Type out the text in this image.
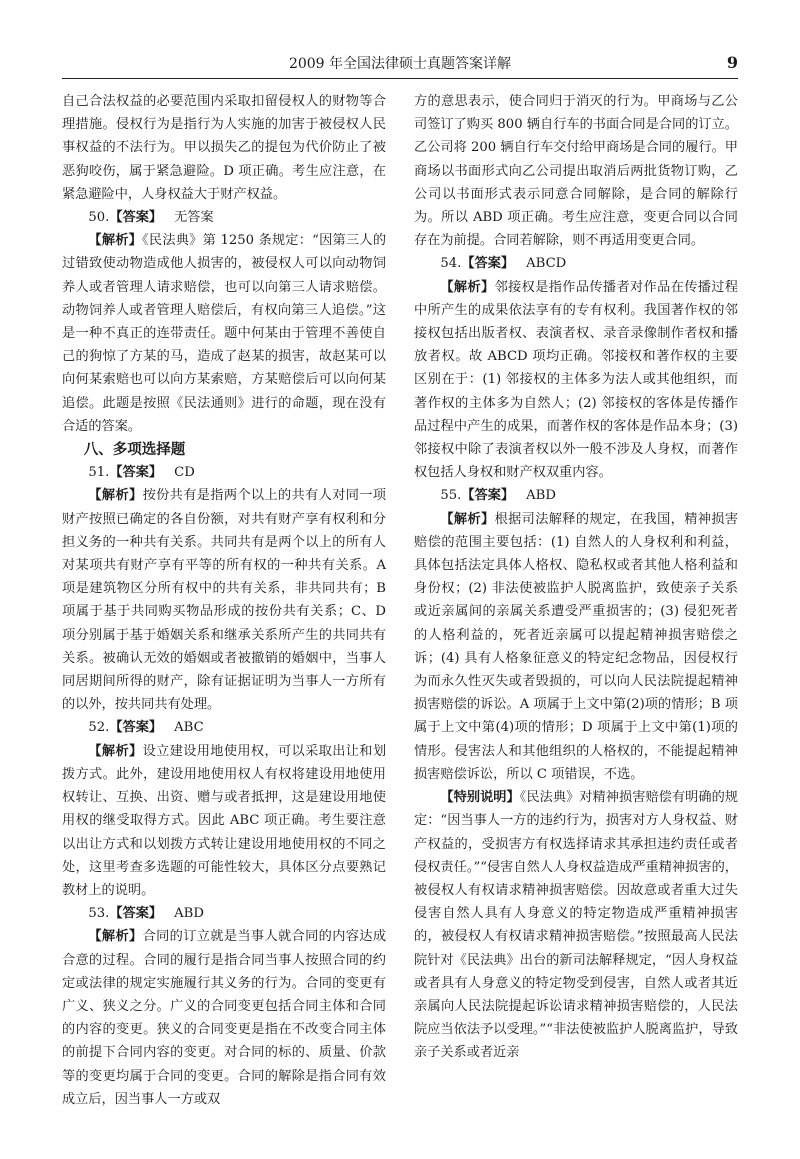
2009 年全国法律硕士真题答案详解	9

自己合法权益的必要范围内采取扣留侵权人的财物等合理措施。侵权行为是指行为人实施的加害于被侵权人民事权益的不法行为。甲以损失乙的提包为代价防止了被恶狗咬伤，属于紧急避险。D 项正确。考生应注意，在紧急避险中，人身权益大于财产权益。

50.【答案】 无答案

【解析】《民法典》第 1250 条规定：“因第三人的过错致使动物造成他人损害的，被侵权人可以向动物饲养人或者管理人请求赔偿，也可以向第三人请求赔偿。动物饲养人或者管理人赔偿后，有权向第三人追偿。”这是一种不真正的连带责任。题中何某由于管理不善使自己的狗惊了方某的马，造成了赵某的损害，故赵某可以向何某索赔也可以向方某索赔，方某赔偿后可以向何某追偿。此题是按照《民法通则》进行的命题，现在没有合适的答案。

八、多项选择题

51.【答案】 CD

【解析】按份共有是指两个以上的共有人对同一项财产按照已确定的各自份额，对共有财产享有权利和分担义务的一种共有关系。共同共有是两个以上的所有人对某项共有财产享有平等的所有权的一种共有关系。A 项是建筑物区分所有权中的共有关系，非共同共有；B 项属于基于共同购买物品形成的按份共有关系；C、D 项分别属于基于婚姻关系和继承关系所产生的共同共有关系。被确认无效的婚姻或者被撤销的婚姻中，当事人同居期间所得的财产，除有证据证明为当事人一方所有的以外，按共同共有处理。

52.【答案】 ABC

【解析】设立建设用地使用权，可以采取出让和划拨方式。此外，建设用地使用权人有权将建设用地使用权转让、互换、出资、赠与或者抵押，这是建设用地使用权的继受取得方式。因此 ABC 项正确。考生要注意以出让方式和以划拨方式转让建设用地使用权的不同之处，这里考查多选题的可能性较大，具体区分点要熟记教材上的说明。

53.【答案】 ABD

【解析】合同的订立就是当事人就合同的内容达成合意的过程。合同的履行是指合同当事人按照合同的约定或法律的规定实施履行其义务的行为。合同的变更有广义、狭义之分。广义的合同变更包括合同主体和合同的内容的变更。狭义的合同变更是指在不改变合同主体的前提下合同内容的变更。对合同的标的、质量、价款等的变更均属于合同的变更。合同的解除是指合同有效成立后，因当事人一方或双

方的意思表示，使合同归于消灭的行为。甲商场与乙公司签订了购买 800 辆自行车的书面合同是合同的订立。乙公司将 200 辆自行车交付给甲商场是合同的履行。甲商场以书面形式向乙公司提出取消后两批货物订购，乙公司以书面形式表示同意合同解除，是合同的解除行为。所以 ABD 项正确。考生应注意，变更合同以合同存在为前提。合同若解除，则不再适用变更合同。

54.【答案】 ABCD

【解析】邻接权是指作品传播者对作品在传播过程中所产生的成果依法享有的专有权利。我国著作权的邻接权包括出版者权、表演者权、录音录像制作者权和播放者权。故 ABCD 项均正确。邻接权和著作权的主要区别在于：(1) 邻接权的主体多为法人或其他组织，而著作权的主体多为自然人；(2) 邻接权的客体是传播作品过程中产生的成果，而著作权的客体是作品本身；(3) 邻接权中除了表演者权以外一般不涉及人身权，而著作权包括人身权和财产权双重内容。

55.【答案】 ABD

【解析】根据司法解释的规定，在我国，精神损害赔偿的范围主要包括：(1) 自然人的人身权利和利益，具体包括法定具体人格权、隐私权或者其他人格利益和身份权；(2) 非法使被监护人脱离监护，致使亲子关系或近亲属间的亲属关系遭受严重损害的；(3) 侵犯死者的人格利益的，死者近亲属可以提起精神损害赔偿之诉；(4) 具有人格象征意义的特定纪念物品，因侵权行为而永久性灭失或者毁损的，可以向人民法院提起精神损害赔偿的诉讼。A 项属于上文中第(2)项的情形；B 项属于上文中第(4)项的情形；D 项属于上文中第(1)项的情形。侵害法人和其他组织的人格权的，不能提起精神损害赔偿诉讼，所以 C 项错误，不选。

【特别说明】《民法典》对精神损害赔偿有明确的规定：“因当事人一方的违约行为，损害对方人身权益、财产权益的，受损害方有权选择请求其承担违约责任或者侵权责任。”“侵害自然人人身权益造成严重精神损害的，被侵权人有权请求精神损害赔偿。因故意或者重大过失侵害自然人具有人身意义的特定物造成严重精神损害的，被侵权人有权请求精神损害赔偿。”按照最高人民法院针对《民法典》出台的新司法解释规定，“因人身权益或者具有人身意义的特定物受到侵害，自然人或者其近亲属向人民法院提起诉讼请求精神损害赔偿的，人民法院应当依法予以受理。”“非法使被监护人脱离监护，导致亲子关系或者近亲
